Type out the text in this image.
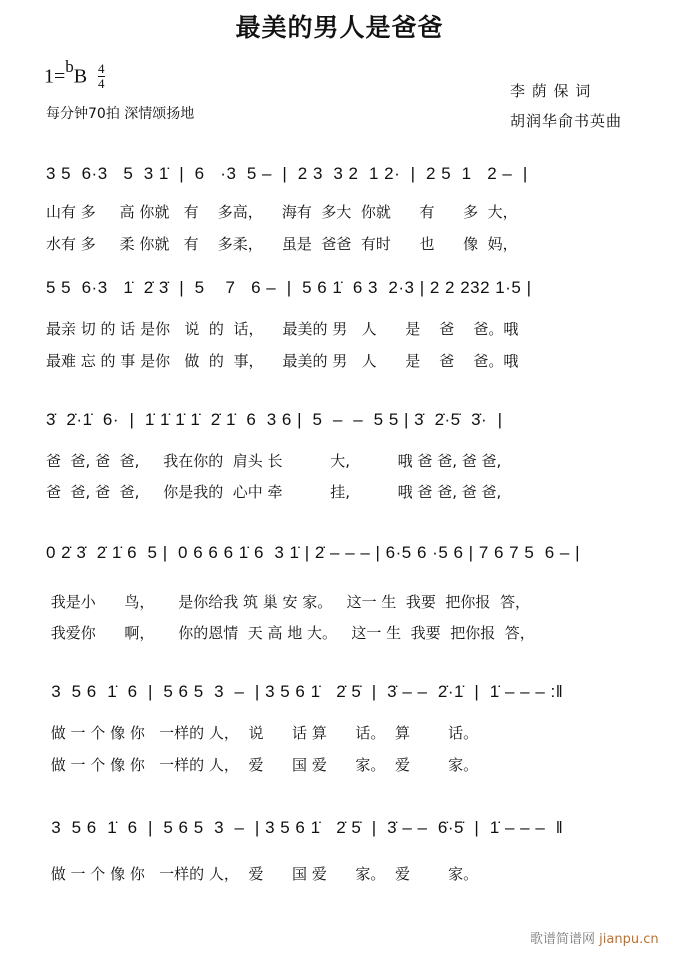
最美的男人是爸爸
$1=^bB \frac{4}{4}$
每分钟70拍 深情颂扬地
李 荫 保 词
胡润华俞书英曲
3 5  6·3   5  3 1̇  |  6   ·3  5 –  |  2 3  3 2  1 2·  |  2 5  1   2 –  |
山有 多     高 你就   有    多高，    海有  多大  你就      有      多  大，
水有 多     柔 你就   有    多柔，    虽是  爸爸  有时      也      像  妈，
5 5  6·3   1̇  2̇ 3̇  |  5    7   6 –  |  5 6 1̇  6 3  2·3 | 2 2 232 1·5 |
最亲 切 的 话 是你   说  的  话，    最美的 男   人      是    爸    爸。哦
最难 忘 的 事 是你   做  的  事，    最美的 男   人      是    爸    爸。哦
3̇  2̇·1̇  6·  |  1̇ 1̇ 1̇ 1̇  2̇ 1̇  6  3 6 |  5  –  –  5 5 | 3̇  2̇·5̇  3̇·  |
爸  爸, 爸  爸,     我在你的  肩头 长          大,          哦 爸 爸, 爸 爸,
爸  爸, 爸  爸,     你是我的  心中 牵          挂,          哦 爸 爸, 爸 爸,
0 2̇ 3̇  2̇ 1̇ 6  5 |  0 6 6 6 1̇ 6  3 1̇ | 2̇ – – – | 6·5 6 ·5 6 | 7 6 7 5  6 – |
我是小      鸟，     是你给我 筑 巢 安 家。   这一 生  我要  把你报  答，
我爱你      啊，     你的恩情  天 高 地 大。   这一 生  我要  把你报  答，
3  5 6  1̇  6  |  5 6 5  3  –  | 3 5 6 1̇   2̇ 5̇  |  3̇ – –  2̇·1̇  |  1̇ – – – :‖
做 一 个 像 你   一样的 人，  说      话 算      话。  算        话。
做 一 个 像 你   一样的 人，  爱      国 爱      家。  爱        家。
3  5 6  1̇  6  |  5 6 5  3  –  | 3 5 6 1̇   2̇ 5̇  |  3̇ – –  6̇·5̇  |  1̇ – – –  ‖
做 一 个 像 你   一样的 人，  爱      国 爱      家。  爱        家。
歌谱简谱网 jianpu.cn
